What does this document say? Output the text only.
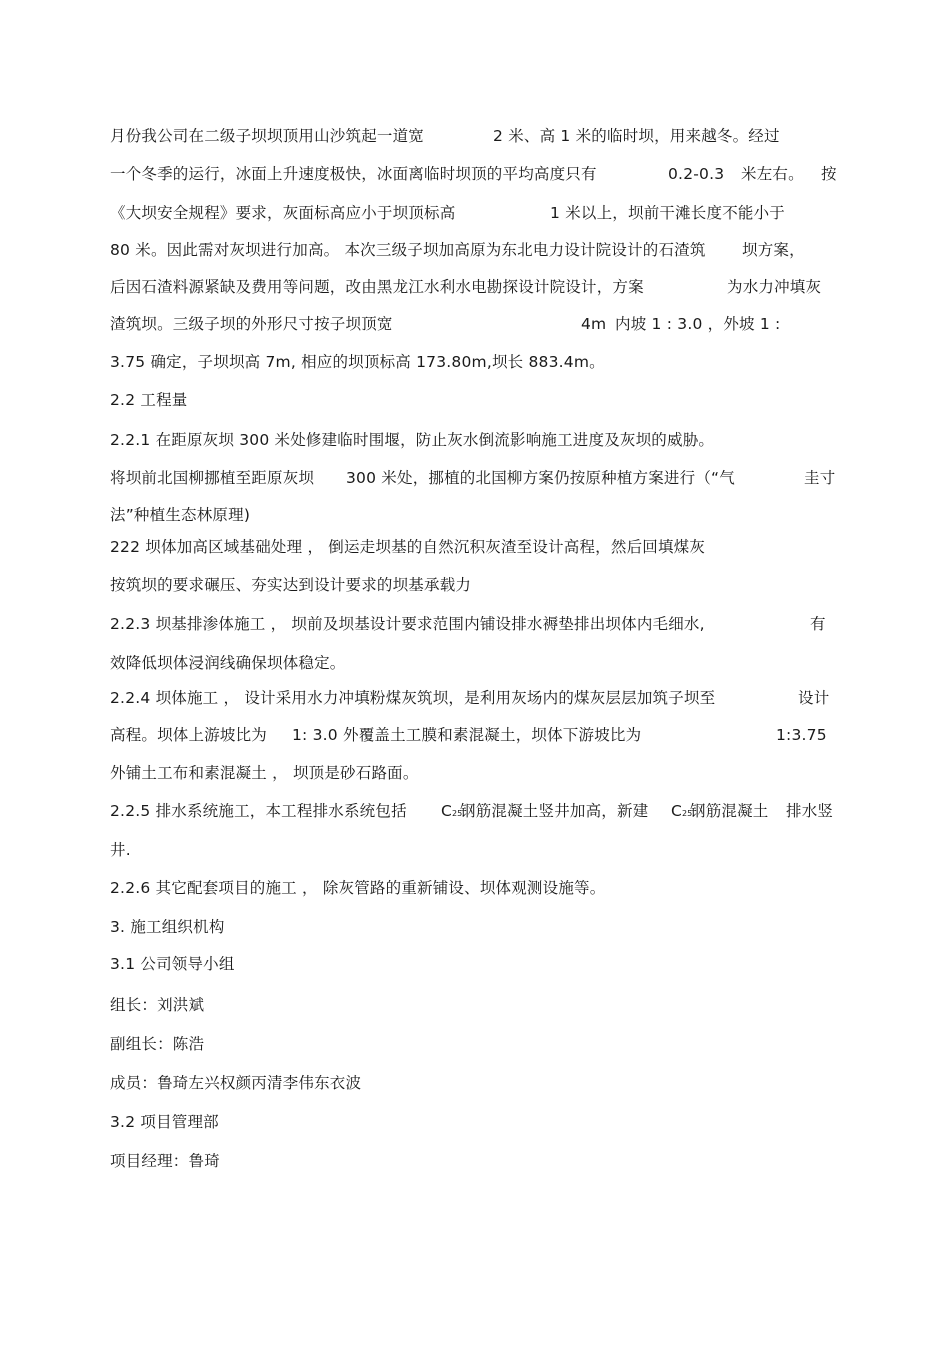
月份我公司在二级子坝坝顶用山沙筑起一道宽	2 米、高 1 米的临时坝，用来越冬。经过
一个冬季的运行，冰面上升速度极快，冰面离临时坝顶的平均高度只有	0.2-0.3 米左右。 按
《大坝安全规程》要求，灰面标高应小于坝顶标高	1 米以上，坝前干滩长度不能小于
80 米。因此需对灰坝进行加高。 本次三级子坝加高原为东北电力设计院设计的石渣筑 坝方案，
后因石渣料源紧缺及费用等问题，改由黑龙江水利水电勘探设计院设计，方案	为水力冲填灰
渣筑坝。三级子坝的外形尺寸按子坝顶宽	4m 内坡 1 : 3.0 ，外坡 1 :
3.75 确定，子坝坝高 7m, 相应的坝顶标高 173.80m,坝长 883.4m。
2.2 工程量
2.2.1 在距原灰坝 300 米处修建临时围堰，防止灰水倒流影响施工进度及灰坝的威胁。
将坝前北国柳挪植至距原灰坝 300 米处，挪植的北国柳方案仍按原种植方案进行（“气	圭寸
法”种植生态林原理)
222 坝体加高区域基础处理 ， 倒运走坝基的自然沉积灰渣至设计高程，然后回填煤灰
按筑坝的要求碾压、夯实达到设计要求的坝基承载力
2.2.3 坝基排渗体施工 ， 坝前及坝基设计要求范围内铺设排水褥垫排出坝体内毛细水,	有
效降低坝体浸润线确保坝体稳定。
2.2.4 坝体施工 ， 设计采用水力冲填粉煤灰筑坝，是利用灰场内的煤灰层层加筑子坝至	设计
高程。坝体上游坡比为 1: 3.0 外覆盖土工膜和素混凝土，坝体下游坡比为	1:3.75
外铺土工布和素混凝土 ， 坝顶是砂石路面。
2.2.5 排水系统施工，本工程排水系统包括 C25
钢筋混凝土竖井加高，新建 C25
钢筋混凝土 排水竖
井.
2.2.6 其它配套项目的施工 ， 除灰管路的重新铺设、坝体观测设施等。
3. 施工组织机构
3.1 公司领导小组
组长：刘洪斌
副组长：陈浩
成员：鲁琦左兴权颜丙清李伟东衣波
3.2 项目管理部
项目经理：鲁琦
